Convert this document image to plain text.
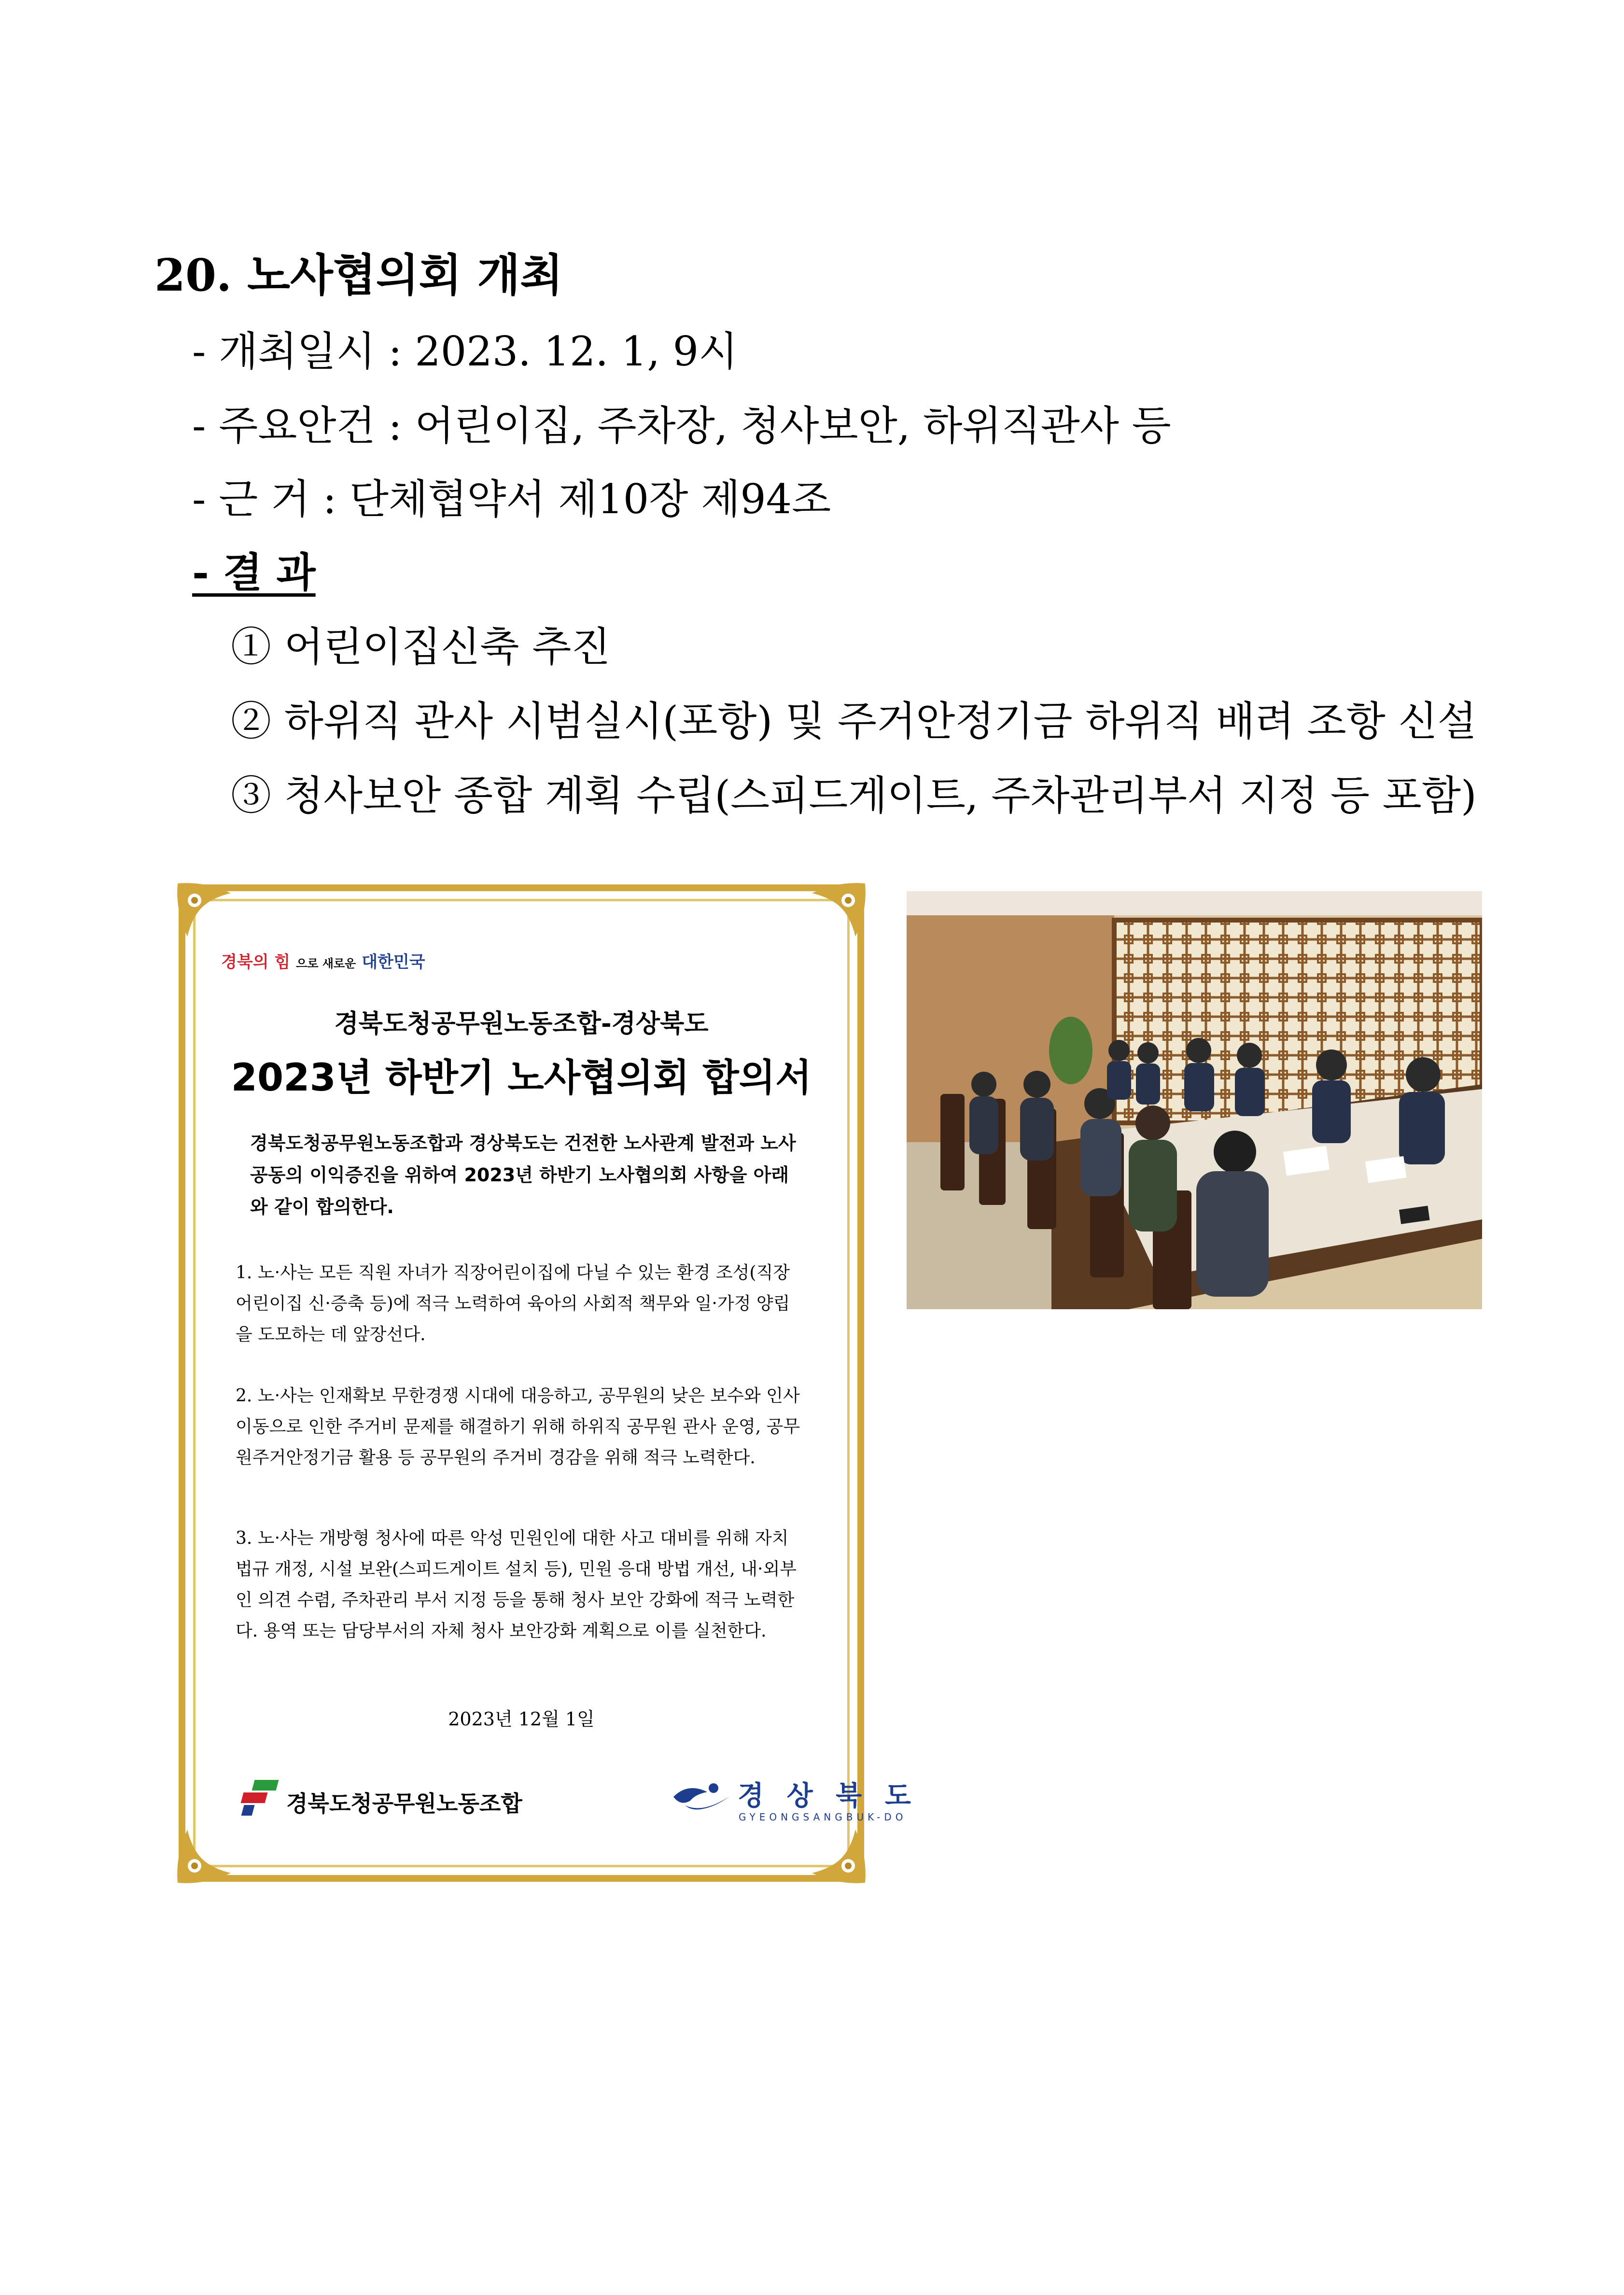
20. 노사협의회 개최
- 개최일시 : 2023. 12. 1, 9시
- 주요안건 : 어린이집, 주차장, 청사보안, 하위직관사 등
- 근 거 : 단체협약서 제10장 제94조
- 결 과
① 어린이집신축 추진
② 하위직 관사 시범실시(포항) 및 주거안정기금 하위직 배려 조항 신설
③ 청사보안 종합 계획 수립(스피드게이트, 주차관리부서 지정 등 포함)
경북의 힘 으로 새로운 대한민국
경북도청공무원노동조합-경상북도
2023년 하반기 노사협의회 합의서
경북도청공무원노동조합과 경상북도는 건전한 노사관계 발전과 노사 공동의 이익증진을 위하여 2023년 하반기 노사협의회 사항을 아래와 같이 합의한다.
1. 노·사는 모든 직원 자녀가 직장어린이집에 다닐 수 있는 환경 조성(직장어린이집 신·증축 등)에 적극 노력하여 육아의 사회적 책무와 일·가정 양립을 도모하는 데 앞장선다.
2. 노·사는 인재확보 무한경쟁 시대에 대응하고, 공무원의 낮은 보수와 인사이동으로 인한 주거비 문제를 해결하기 위해 하위직 공무원 관사 운영, 공무원주거안정기금 활용 등 공무원의 주거비 경감을 위해 적극 노력한다.
3. 노·사는 개방형 청사에 따른 악성 민원인에 대한 사고 대비를 위해 자치법규 개정, 시설 보완(스피드게이트 설치 등), 민원 응대 방법 개선, 내·외부인 의견 수렴, 주차관리 부서 지정 등을 통해 청사 보안 강화에 적극 노력한다. 용역 또는 담당부서의 자체 청사 보안강화 계획으로 이를 실천한다.
2023년 12월 1일
경북도청공무원노동조합	경 상 북 도
GYEONGSANGBUK-DO
